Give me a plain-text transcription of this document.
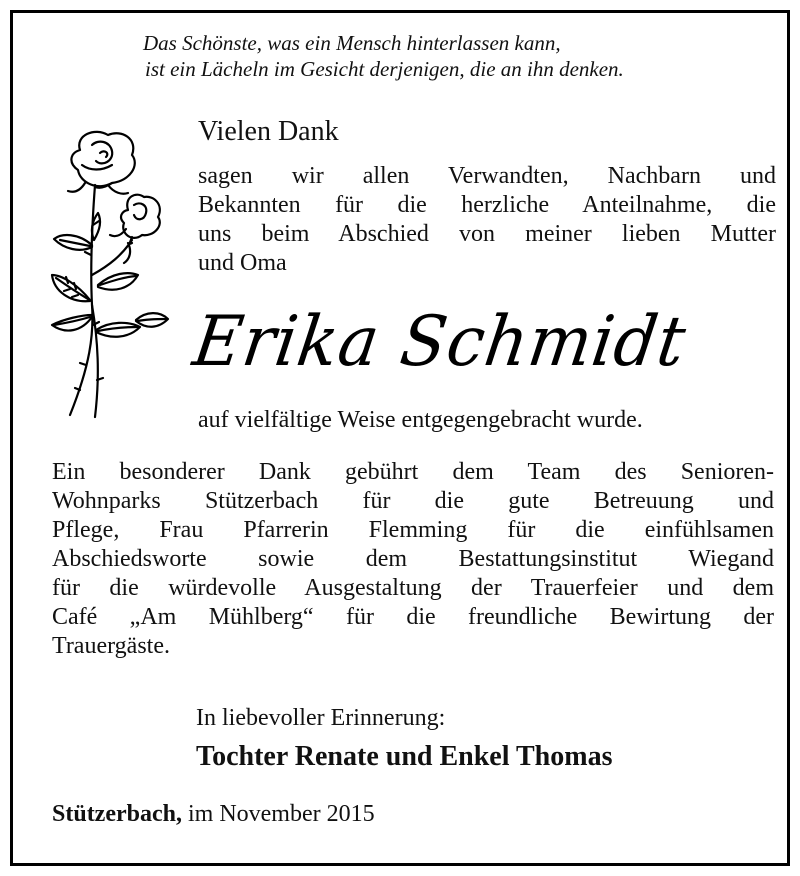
Das Schönste, was ein Mensch hinterlassen kann,
ist ein Lächeln im Gesicht derjenigen, die an ihn denken.
Vielen Dank
sagen wir allen Verwandten, Nachbarn und
Bekannten für die herzliche Anteilnahme, die
uns beim Abschied von meiner lieben Mutter
und Oma
Erika Schmidt
auf vielfältige Weise entgegengebracht wurde.
Ein besonderer Dank gebührt dem Team des Senioren-
Wohnparks Stützerbach für die gute Betreuung und
Pflege, Frau Pfarrerin Flemming für die einfühlsamen
Abschiedsworte sowie dem Bestattungsinstitut Wiegand
für die würdevolle Ausgestaltung der Trauerfeier und dem
Café „Am Mühlberg“ für die freundliche Bewirtung der
Trauergäste.
In liebevoller Erinnerung:
Tochter Renate und Enkel Thomas
Stützerbach, im November 2015
